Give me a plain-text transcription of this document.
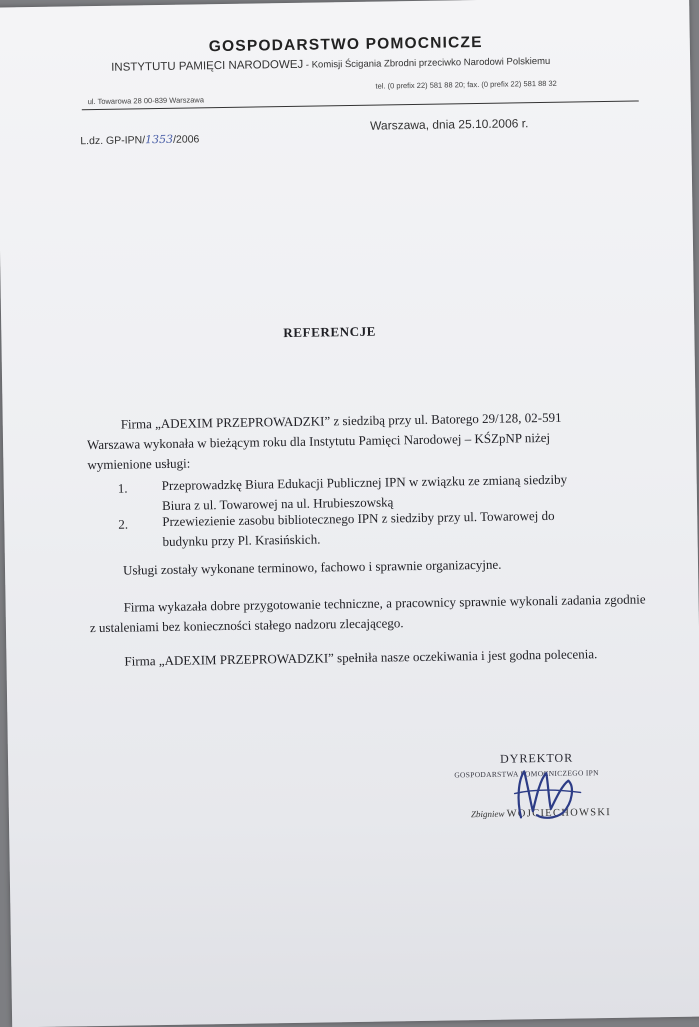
GOSPODARSTWO POMOCNICZE
INSTYTUTU PAMIĘCI NARODOWEJ - Komisji Ścigania Zbrodni przeciwko Narodowi Polskiemu
ul. Towarowa 28 00-839 Warszawa
tel. (0 prefix 22) 581 88 20; fax. (0 prefix 22) 581 88 32
L.dz. GP-IPN/1353/2006
Warszawa, dnia 25.10.2006 r.
REFERENCJE
Firma „ADEXIM PRZEPROWADZKI” z siedzibą przy ul. Batorego 29/128, 02-591 Warszawa wykonała w bieżącym roku dla Instytutu Pamięci Narodowej – KŚZpNP niżej wymienione usługi:
1.	Przeprowadzkę Biura Edukacji Publicznej IPN w związku ze zmianą siedziby
Biura z ul. Towarowej na ul. Hrubieszowską
2.	Przewiezienie zasobu bibliotecznego IPN z siedziby przy ul. Towarowej do
budynku przy Pl. Krasińskich.
Usługi zostały wykonane terminowo, fachowo i sprawnie organizacyjne.
Firma wykazała dobre przygotowanie techniczne, a pracownicy sprawnie wykonali zadania zgodnie z ustaleniami bez konieczności stałego nadzoru zlecającego.
Firma „ADEXIM PRZEPROWADZKI” spełniła nasze oczekiwania i jest godna polecenia.
DYREKTOR
GOSPODARSTWA POMOCNICZEGO IPN
Zbigniew WOJCIECHOWSKI
